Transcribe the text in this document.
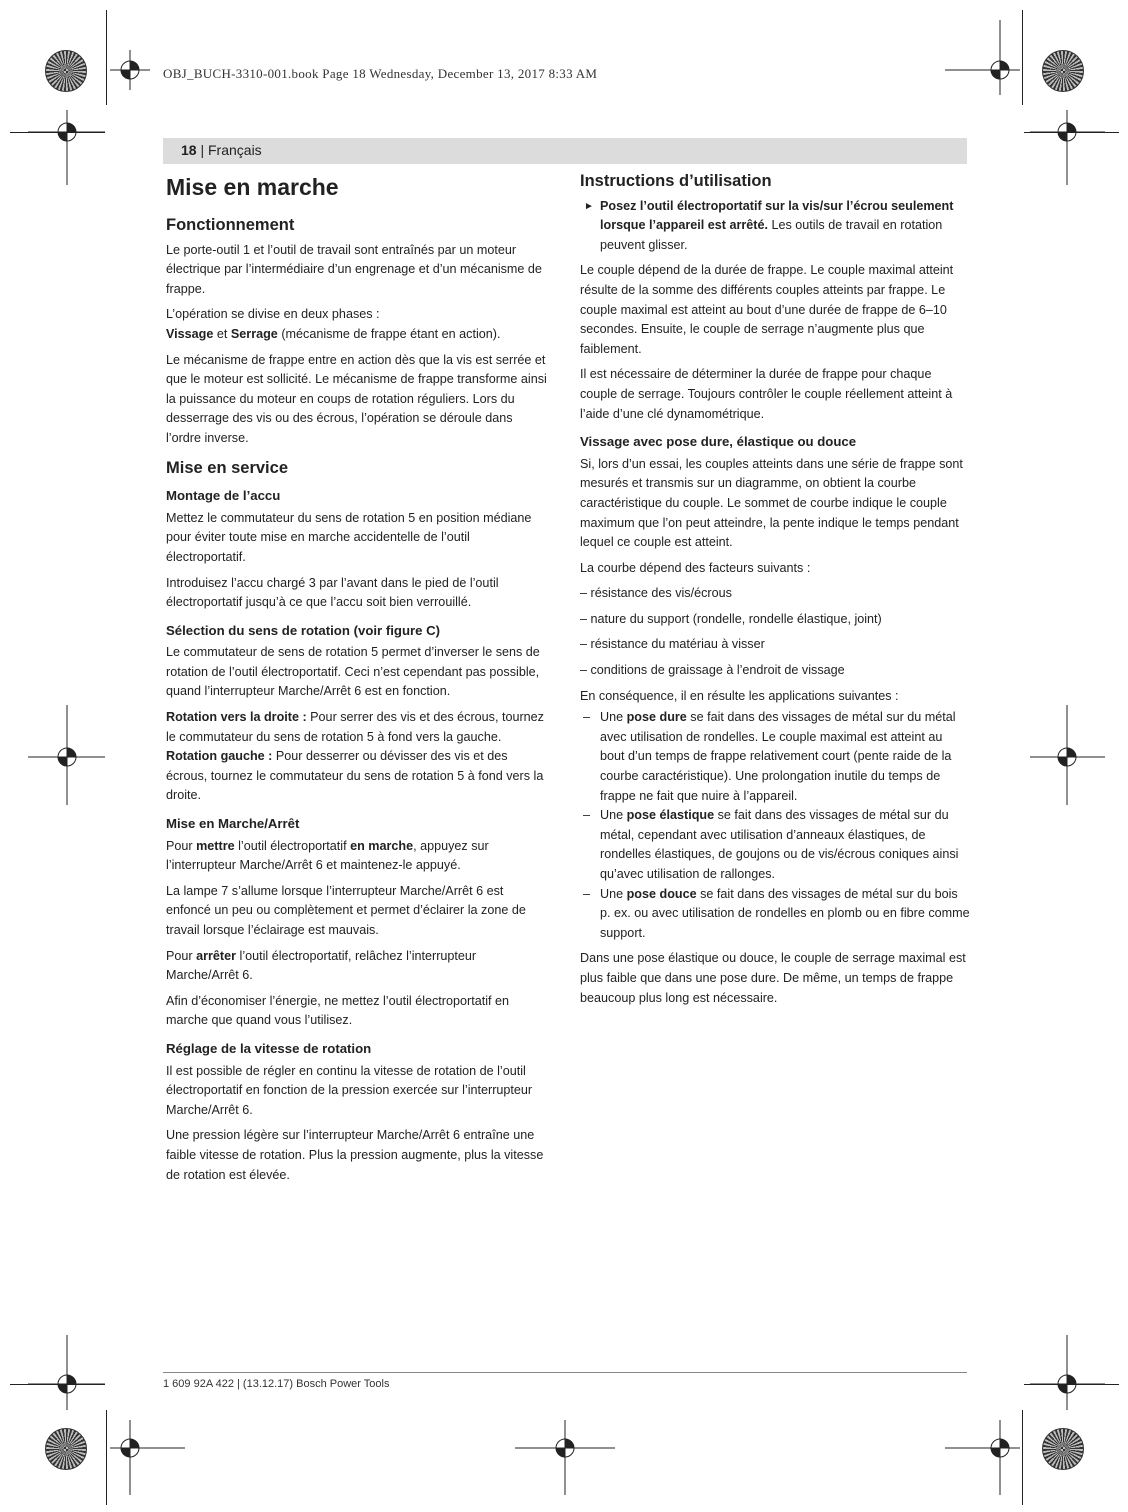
OBJ_BUCH-3310-001.book Page 18 Wednesday, December 13, 2017 8:33 AM
18 | Français
Mise en marche
Fonctionnement

Le porte-outil 1 et l’outil de travail sont entraînés par un moteur électrique par l’intermédiaire d’un engrenage et d’un mécanisme de frappe.

L’opération se divise en deux phases :

Vissage et Serrage (mécanisme de frappe étant en action).

Le mécanisme de frappe entre en action dès que la vis est serrée et que le moteur est sollicité. Le mécanisme de frappe transforme ainsi la puissance du moteur en coups de rotation réguliers. Lors du desserrage des vis ou des écrous, l’opération se déroule dans l’ordre inverse.

Mise en service
Montage de l’accu

Mettez le commutateur du sens de rotation 5 en position médiane pour éviter toute mise en marche accidentelle de l’outil électroportatif.

Introduisez l’accu chargé 3 par l’avant dans le pied de l’outil électroportatif jusqu’à ce que l’accu soit bien verrouillé.

Sélection du sens de rotation (voir figure C)

Le commutateur de sens de rotation 5 permet d’inverser le sens de rotation de l’outil électroportatif. Ceci n’est cependant pas possible, quand l’interrupteur Marche/Arrêt 6 est en fonction.

Rotation vers la droite : Pour serrer des vis et des écrous, tournez le commutateur du sens de rotation 5 à fond vers la gauche.

Rotation gauche : Pour desserrer ou dévisser des vis et des écrous, tournez le commutateur du sens de rotation 5 à fond vers la droite.

Mise en Marche/Arrêt

Pour mettre l’outil électroportatif en marche, appuyez sur l’interrupteur Marche/Arrêt 6 et maintenez-le appuyé.

La lampe 7 s’allume lorsque l’interrupteur Marche/Arrêt 6 est enfoncé un peu ou complètement et permet d’éclairer la zone de travail lorsque l’éclairage est mauvais.

Pour arrêter l’outil électroportatif, relâchez l’interrupteur Marche/Arrêt 6.

Afin d’économiser l’énergie, ne mettez l’outil électroportatif en marche que quand vous l’utilisez.

Réglage de la vitesse de rotation

Il est possible de régler en continu la vitesse de rotation de l’outil électroportatif en fonction de la pression exercée sur l’interrupteur Marche/Arrêt 6.

Une pression légère sur l’interrupteur Marche/Arrêt 6 entraîne une faible vitesse de rotation. Plus la pression augmente, plus la vitesse de rotation est élevée.

Instructions d’utilisation
► Posez l’outil électroportatif sur la vis/sur l’écrou seulement lorsque l’appareil est arrêté. Les outils de travail en rotation peuvent glisser.

Le couple dépend de la durée de frappe. Le couple maximal atteint résulte de la somme des différents couples atteints par frappe. Le couple maximal est atteint au bout d’une durée de frappe de 6–10 secondes. Ensuite, le couple de serrage n’augmente plus que faiblement.

Il est nécessaire de déterminer la durée de frappe pour chaque couple de serrage. Toujours contrôler le couple réellement atteint à l’aide d’une clé dynamométrique.

Vissage avec pose dure, élastique ou douce

Si, lors d’un essai, les couples atteints dans une série de frappe sont mesurés et transmis sur un diagramme, on obtient la courbe caractéristique du couple. Le sommet de courbe indique le couple maximum que l’on peut atteindre, la pente indique le temps pendant lequel ce couple est atteint.

La courbe dépend des facteurs suivants :

– résistance des vis/écrous

– nature du support (rondelle, rondelle élastique, joint)

– résistance du matériau à visser

– conditions de graissage à l’endroit de vissage

En conséquence, il en résulte les applications suivantes :

– Une pose dure se fait dans des vissages de métal sur du métal avec utilisation de rondelles. Le couple maximal est atteint au bout d’un temps de frappe relativement court (pente raide de la courbe caractéristique). Une prolongation inutile du temps de frappe ne fait que nuire à l’appareil.
– Une pose élastique se fait dans des vissages de métal sur du métal, cependant avec utilisation d’anneaux élastiques, de rondelles élastiques, de goujons ou de vis/écrous coniques ainsi qu’avec utilisation de rallonges.
– Une pose douce se fait dans des vissages de métal sur du bois p. ex. ou avec utilisation de rondelles en plomb ou en fibre comme support.

Dans une pose élastique ou douce, le couple de serrage maximal est plus faible que dans une pose dure. De même, un temps de frappe beaucoup plus long est nécessaire.

1 609 92A 422 | (13.12.17) Bosch Power Tools
